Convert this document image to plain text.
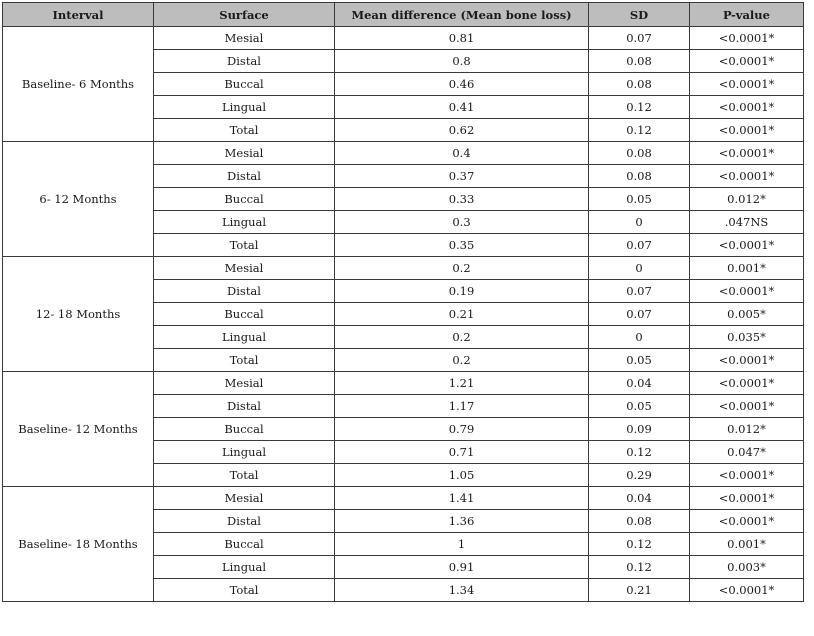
Interval	Surface	Mean difference (Mean bone loss)	SD	P-value
Baseline- 6 Months	Mesial	0.81	0.07	<0.0001*
	Distal	0.8	0.08	<0.0001*
	Buccal	0.46	0.08	<0.0001*
	Lingual	0.41	0.12	<0.0001*
	Total	0.62	0.12	<0.0001*
6- 12 Months	Mesial	0.4	0.08	<0.0001*
	Distal	0.37	0.08	<0.0001*
	Buccal	0.33	0.05	0.012*
	Lingual	0.3	0	.047NS
	Total	0.35	0.07	<0.0001*
12- 18 Months	Mesial	0.2	0	0.001*
	Distal	0.19	0.07	<0.0001*
	Buccal	0.21	0.07	0.005*
	Lingual	0.2	0	0.035*
	Total	0.2	0.05	<0.0001*
Baseline- 12 Months	Mesial	1.21	0.04	<0.0001*
	Distal	1.17	0.05	<0.0001*
	Buccal	0.79	0.09	0.012*
	Lingual	0.71	0.12	0.047*
	Total	1.05	0.29	<0.0001*
Baseline- 18 Months	Mesial	1.41	0.04	<0.0001*
	Distal	1.36	0.08	<0.0001*
	Buccal	1	0.12	0.001*
	Lingual	0.91	0.12	0.003*
	Total	1.34	0.21	<0.0001*
